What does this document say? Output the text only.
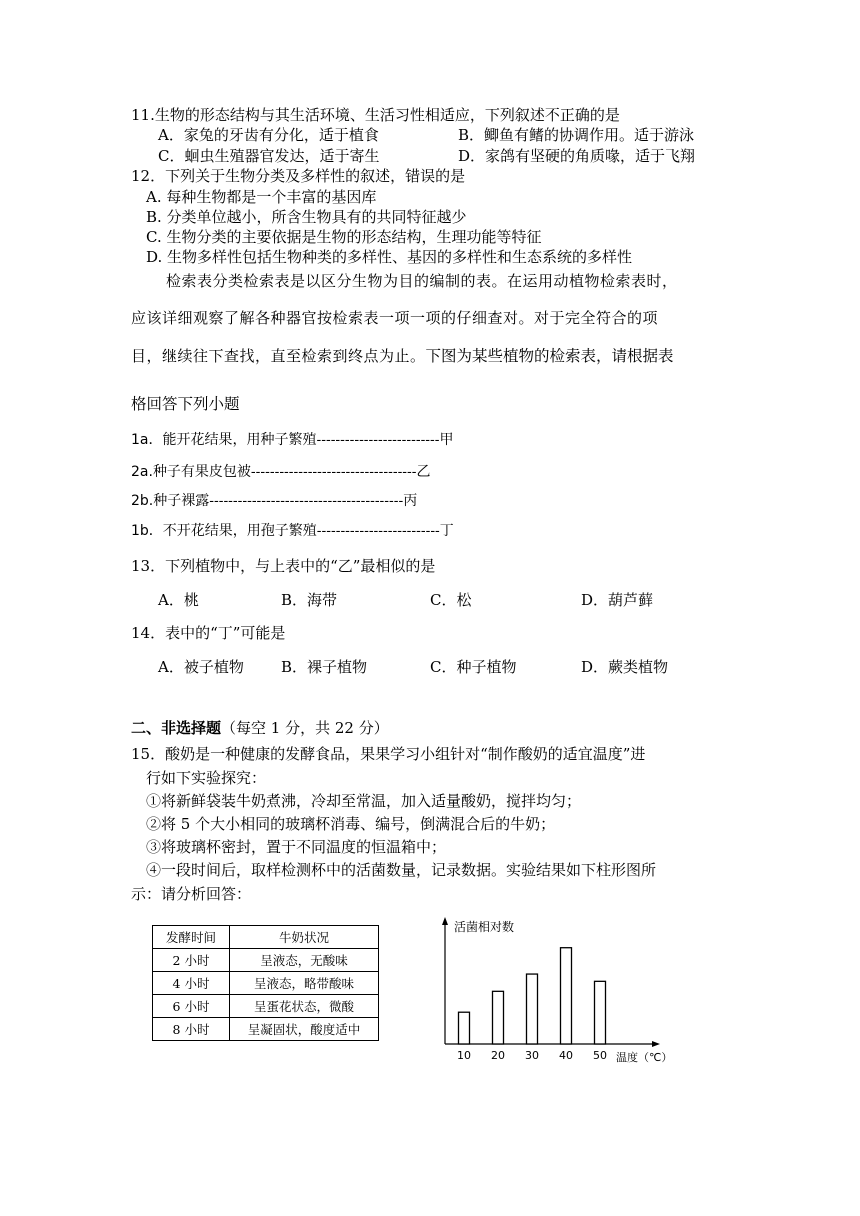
11.生物的形态结构与其生活环境、生活习性相适应，下列叙述不正确的是
A．家兔的牙齿有分化，适于植食	B．鲫鱼有鳍的协调作用。适于游泳
C．蛔虫生殖器官发达，适于寄生	D．家鸽有坚硬的角质喙，适于飞翔
12．下列关于生物分类及多样性的叙述，错误的是
A. 每种生物都是一个丰富的基因库
B. 分类单位越小，所含生物具有的共同特征越少
C. 生物分类的主要依据是生物的形态结构，生理功能等特征
D. 生物多样性包括生物种类的多样性、基因的多样性和生态系统的多样性
检索表分类检索表是以区分生物为目的编制的表。在运用动植物检索表时，
应该详细观察了解各种器官按检索表一项一项的仔细查对。对于完全符合的项
目，继续往下查找，直至检索到终点为止。下图为某些植物的检索表，请根据表
格回答下列小题
1a．能开花结果，用种子繁殖--------------------------甲
2a.种子有果皮包被-----------------------------------乙
2b.种子裸露-----------------------------------------丙
1b．不开花结果，用孢子繁殖--------------------------丁
13．下列植物中，与上表中的“乙”最相似的是
A．桃	B．海带	C．松	D．葫芦藓
14．表中的“丁”可能是
A．被子植物 B．裸子植物	C．种子植物	D．蕨类植物
二、非选择题（每空 1 分，共 22 分）
15．酸奶是一种健康的发酵食品，果果学习小组针对“制作酸奶的适宜温度”进
行如下实验探究：
①将新鲜袋装牛奶煮沸，冷却至常温，加入适量酸奶，搅拌均匀；
②将 5 个大小相同的玻璃杯消毒、编号，倒满混合后的牛奶；
③将玻璃杯密封，置于不同温度的恒温箱中；
④一段时间后，取样检测杯中的活菌数量，记录数据。实验结果如下柱形图所
示：请分析回答：
发酵时间	牛奶状况
2 小时	呈液态，无酸味
4 小时	呈液态，略带酸味
6 小时	呈蛋花状态，微酸
8 小时	呈凝固状，酸度适中
10 20 30 40 50
活菌相对数
温度（℃）
